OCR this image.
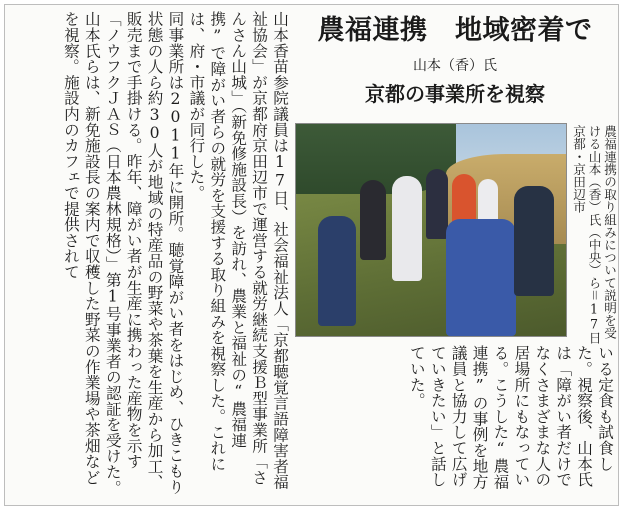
山本香苗参院議員は17日、社会福祉法人「京都聴覚言語障害者福祉協会」が京都府京田辺市で運営する就労継続支援Ｂ型事業所「さんさん山城」（新免修施設長）を訪れ、農業と福祉の“農福連携”で障がい者らの就労を支援する取り組みを視察した。これには、府・市議が同行した。

同事業所は2011年に開所。聴覚障がい者をはじめ、ひきこもり状態の人ら約30人が地域の特産品の野菜や茶葉を生産から加工、販売まで手掛ける。昨年、障がい者が生産に携わった産物を示す「ノウフクＪＡＳ（日本農林規格）」第1号事業者の認証を受けた。

山本氏らは、新免施設長の案内で収穫した野菜の作業場や茶畑などを視察。施設内のカフェで提供されて	農福連携　地域密着で
山本（香）氏
京都の事業所を視察
農福連携の取り組みについて説明を受ける山本（香）氏（中央）ら＝17日　京都・京田辺市
いる定食も試食した。視察後、山本氏は「障がい者だけでなくさまざまな人の居場所にもなっている。こうした“農福連携”の事例を地方議員と協力して広げていきたい」と話していた。
